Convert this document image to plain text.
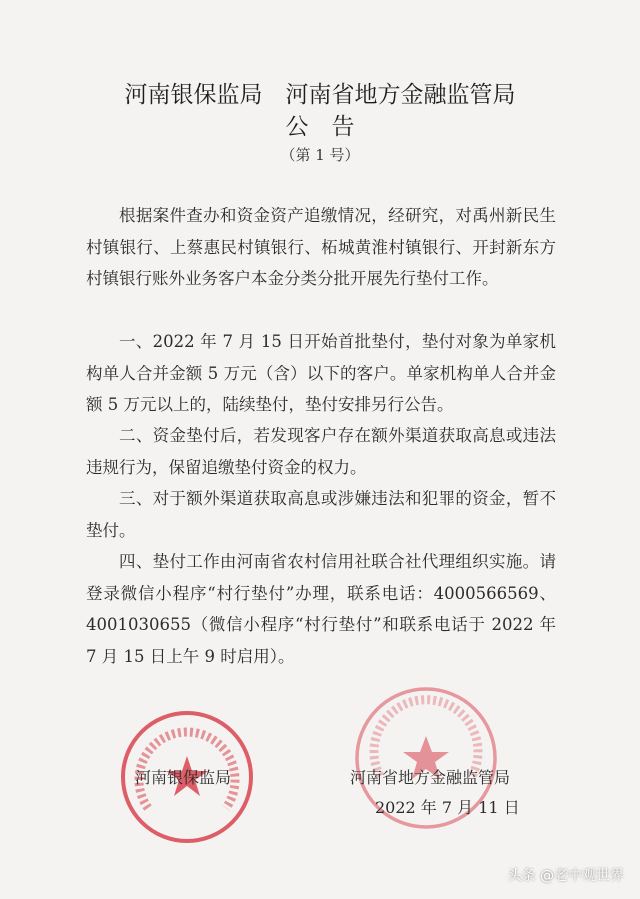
河南银保监局　河南省地方金融监管局
公　告
（第 1 号）

根据案件查办和资金资产追缴情况，经研究，对禹州新民生村镇银行、上蔡惠民村镇银行、柘城黄淮村镇银行、开封新东方村镇银行账外业务客户本金分类分批开展先行垫付工作。

一、2022 年 7 月 15 日开始首批垫付，垫付对象为单家机构单人合并金额 5 万元（含）以下的客户。单家机构单人合并金额 5 万元以上的，陆续垫付，垫付安排另行公告。

二、资金垫付后，若发现客户存在额外渠道获取高息或违法违规行为，保留追缴垫付资金的权力。

三、对于额外渠道获取高息或涉嫌违法和犯罪的资金，暂不垫付。

四、垫付工作由河南省农村信用社联合社代理组织实施。请登录微信小程序“村行垫付”办理，联系电话：4000566569、4001030655（微信小程序“村行垫付”和联系电话于 2022 年 7 月 15 日上午 9 时启用）。

河南银保监局	河南省地方金融监管局
2022 年 7 月 11 日
头条 @老中观世界
